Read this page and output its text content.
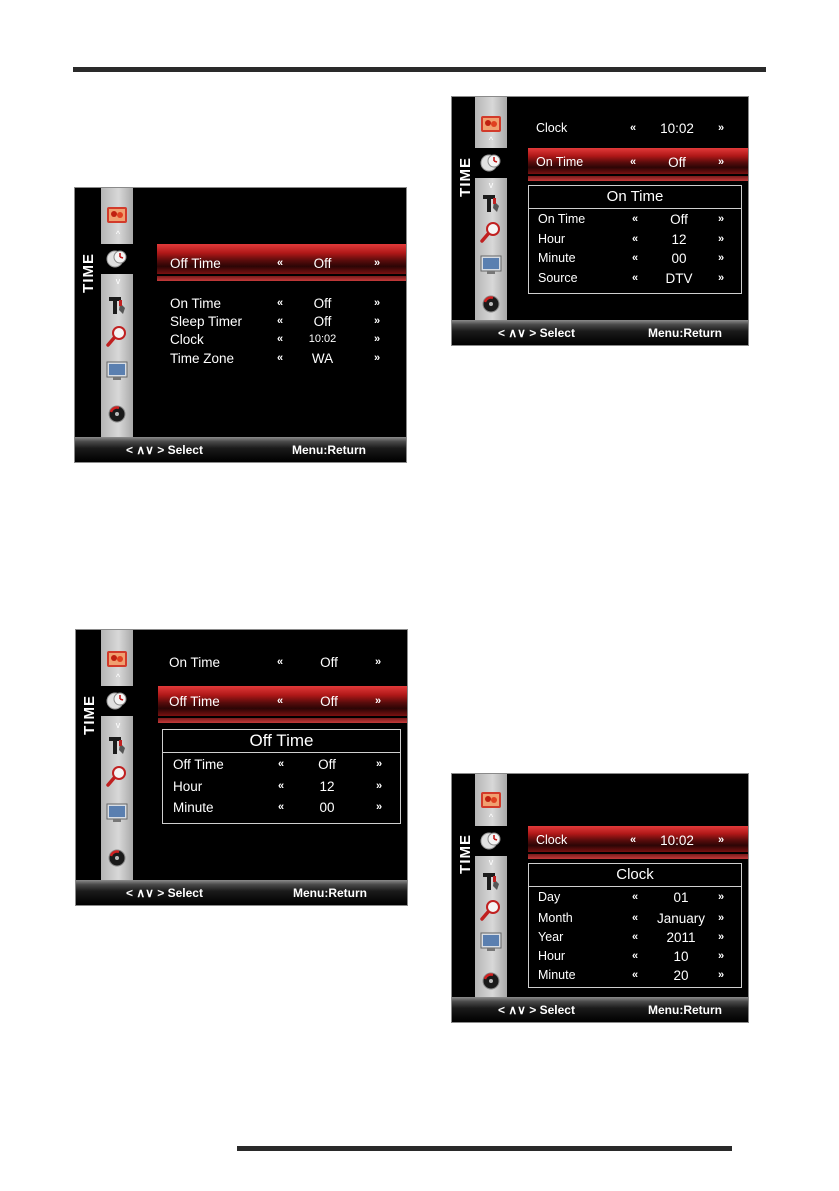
TIME
^
v
Off Time	«	Off	»
On Time	«	Off	»
Sleep Timer	«	Off	»
Clock	«	10:02	»
Time Zone	«	WA	»
< ∧∨ > Select	Menu:Return
TIME
^
v
Clock	«	10:02	»
On Time	«	Off	»
On Time
On Time	«	Off	»
Hour	«	12	»
Minute	«	00	»
Source	«	DTV	»
< ∧∨ > Select	Menu:Return
TIME
^
v
On Time	«	Off	»
Off Time	«	Off	»
Off Time
Off Time	«	Off	»
Hour	«	12	»
Minute	«	00	»
< ∧∨ > Select	Menu:Return
TIME
^
v
Clock	«	10:02	»
Clock
Day	«	01	»
Month	«	January	»
Year	«	2011	»
Hour	«	10	»
Minute	«	20	»
< ∧∨ > Select	Menu:Return
